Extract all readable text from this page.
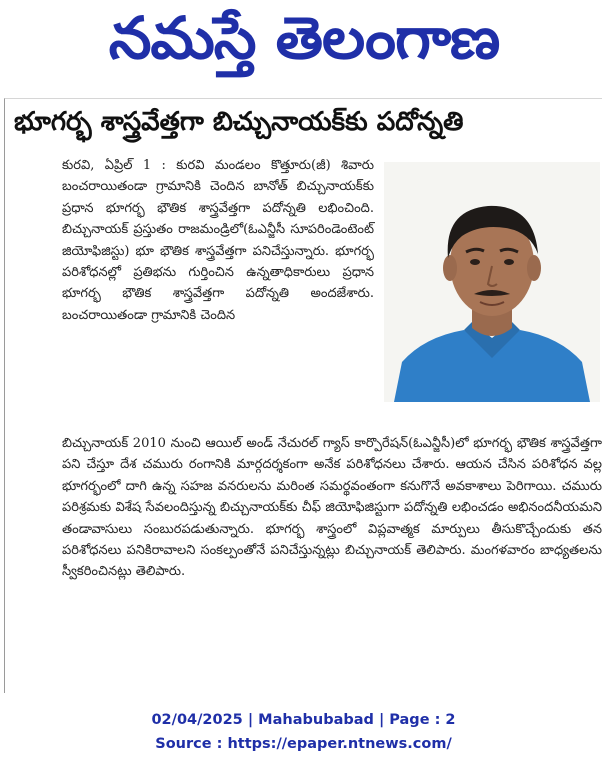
నమస్తే తెలంగాణ
భూగర్భ శాస్త్రవేత్తగా బిచ్చునాయక్‌కు పదోన్నతి
కురవి, ఏప్రిల్ 1 : కురవి మండలం కొత్తూరు(జీ) శివారు బంచరాయితండా గ్రామానికి చెందిన బానోత్ బిచ్చునాయక్‌కు ప్రధాన భూగర్భ భౌతిక శాస్త్రవేత్తగా పదోన్నతి లభించింది. బిచ్చునాయక్ ప్రస్తుతం రాజమండ్రిలో(ఓఎన్జీసీ సూపరిండెంటెంట్ జియోఫిజిస్టు) భూ భౌతిక శాస్త్రవేత్తగా పనిచేస్తున్నారు. భూగర్భ పరిశోధనల్లో ప్రతిభను గుర్తించిన ఉన్నతాధికారులు ప్రధాన భూగర్భ భౌతిక శాస్త్రవేత్తగా పదోన్నతి అందజేశారు. బంచరాయితండా గ్రామానికి చెందిన
బిచ్చునాయక్ 2010 నుంచి ఆయిల్ అండ్ నేచురల్ గ్యాస్ కార్పొరేషన్(ఓఎన్జీసీ)లో భూగర్భ భౌతిక శాస్త్రవేత్తగా పని చేస్తూ దేశ చమురు రంగానికి మార్గదర్శకంగా అనేక పరిశోధనలు చేశారు. ఆయన చేసిన పరిశోధన వల్ల భూగర్భంలో దాగి ఉన్న సహజ వనరులను మరింత సమర్థవంతంగా కనుగొనే అవకాశాలు పెరిగాయి. చమురు పరిశ్రమకు విశేష సేవలందిస్తున్న బిచ్చునాయక్‌కు చీఫ్ జియోఫిజిస్టుగా పదోన్నతి లభించడం అభినందనీయమని తండావాసులు సంబురపడుతున్నారు. భూగర్భ శాస్త్రంలో విప్లవాత్మక మార్పులు తీసుకొచ్చేందుకు తన పరిశోధనలు పనికిరావాలని సంకల్పంతోనే పనిచేస్తున్నట్లు బిచ్చునాయక్ తెలిపారు. మంగళవారం బాధ్యతలను స్వీకరించినట్లు తెలిపారు.
02/04/2025 | Mahabubabad | Page : 2
Source : https://epaper.ntnews.com/
